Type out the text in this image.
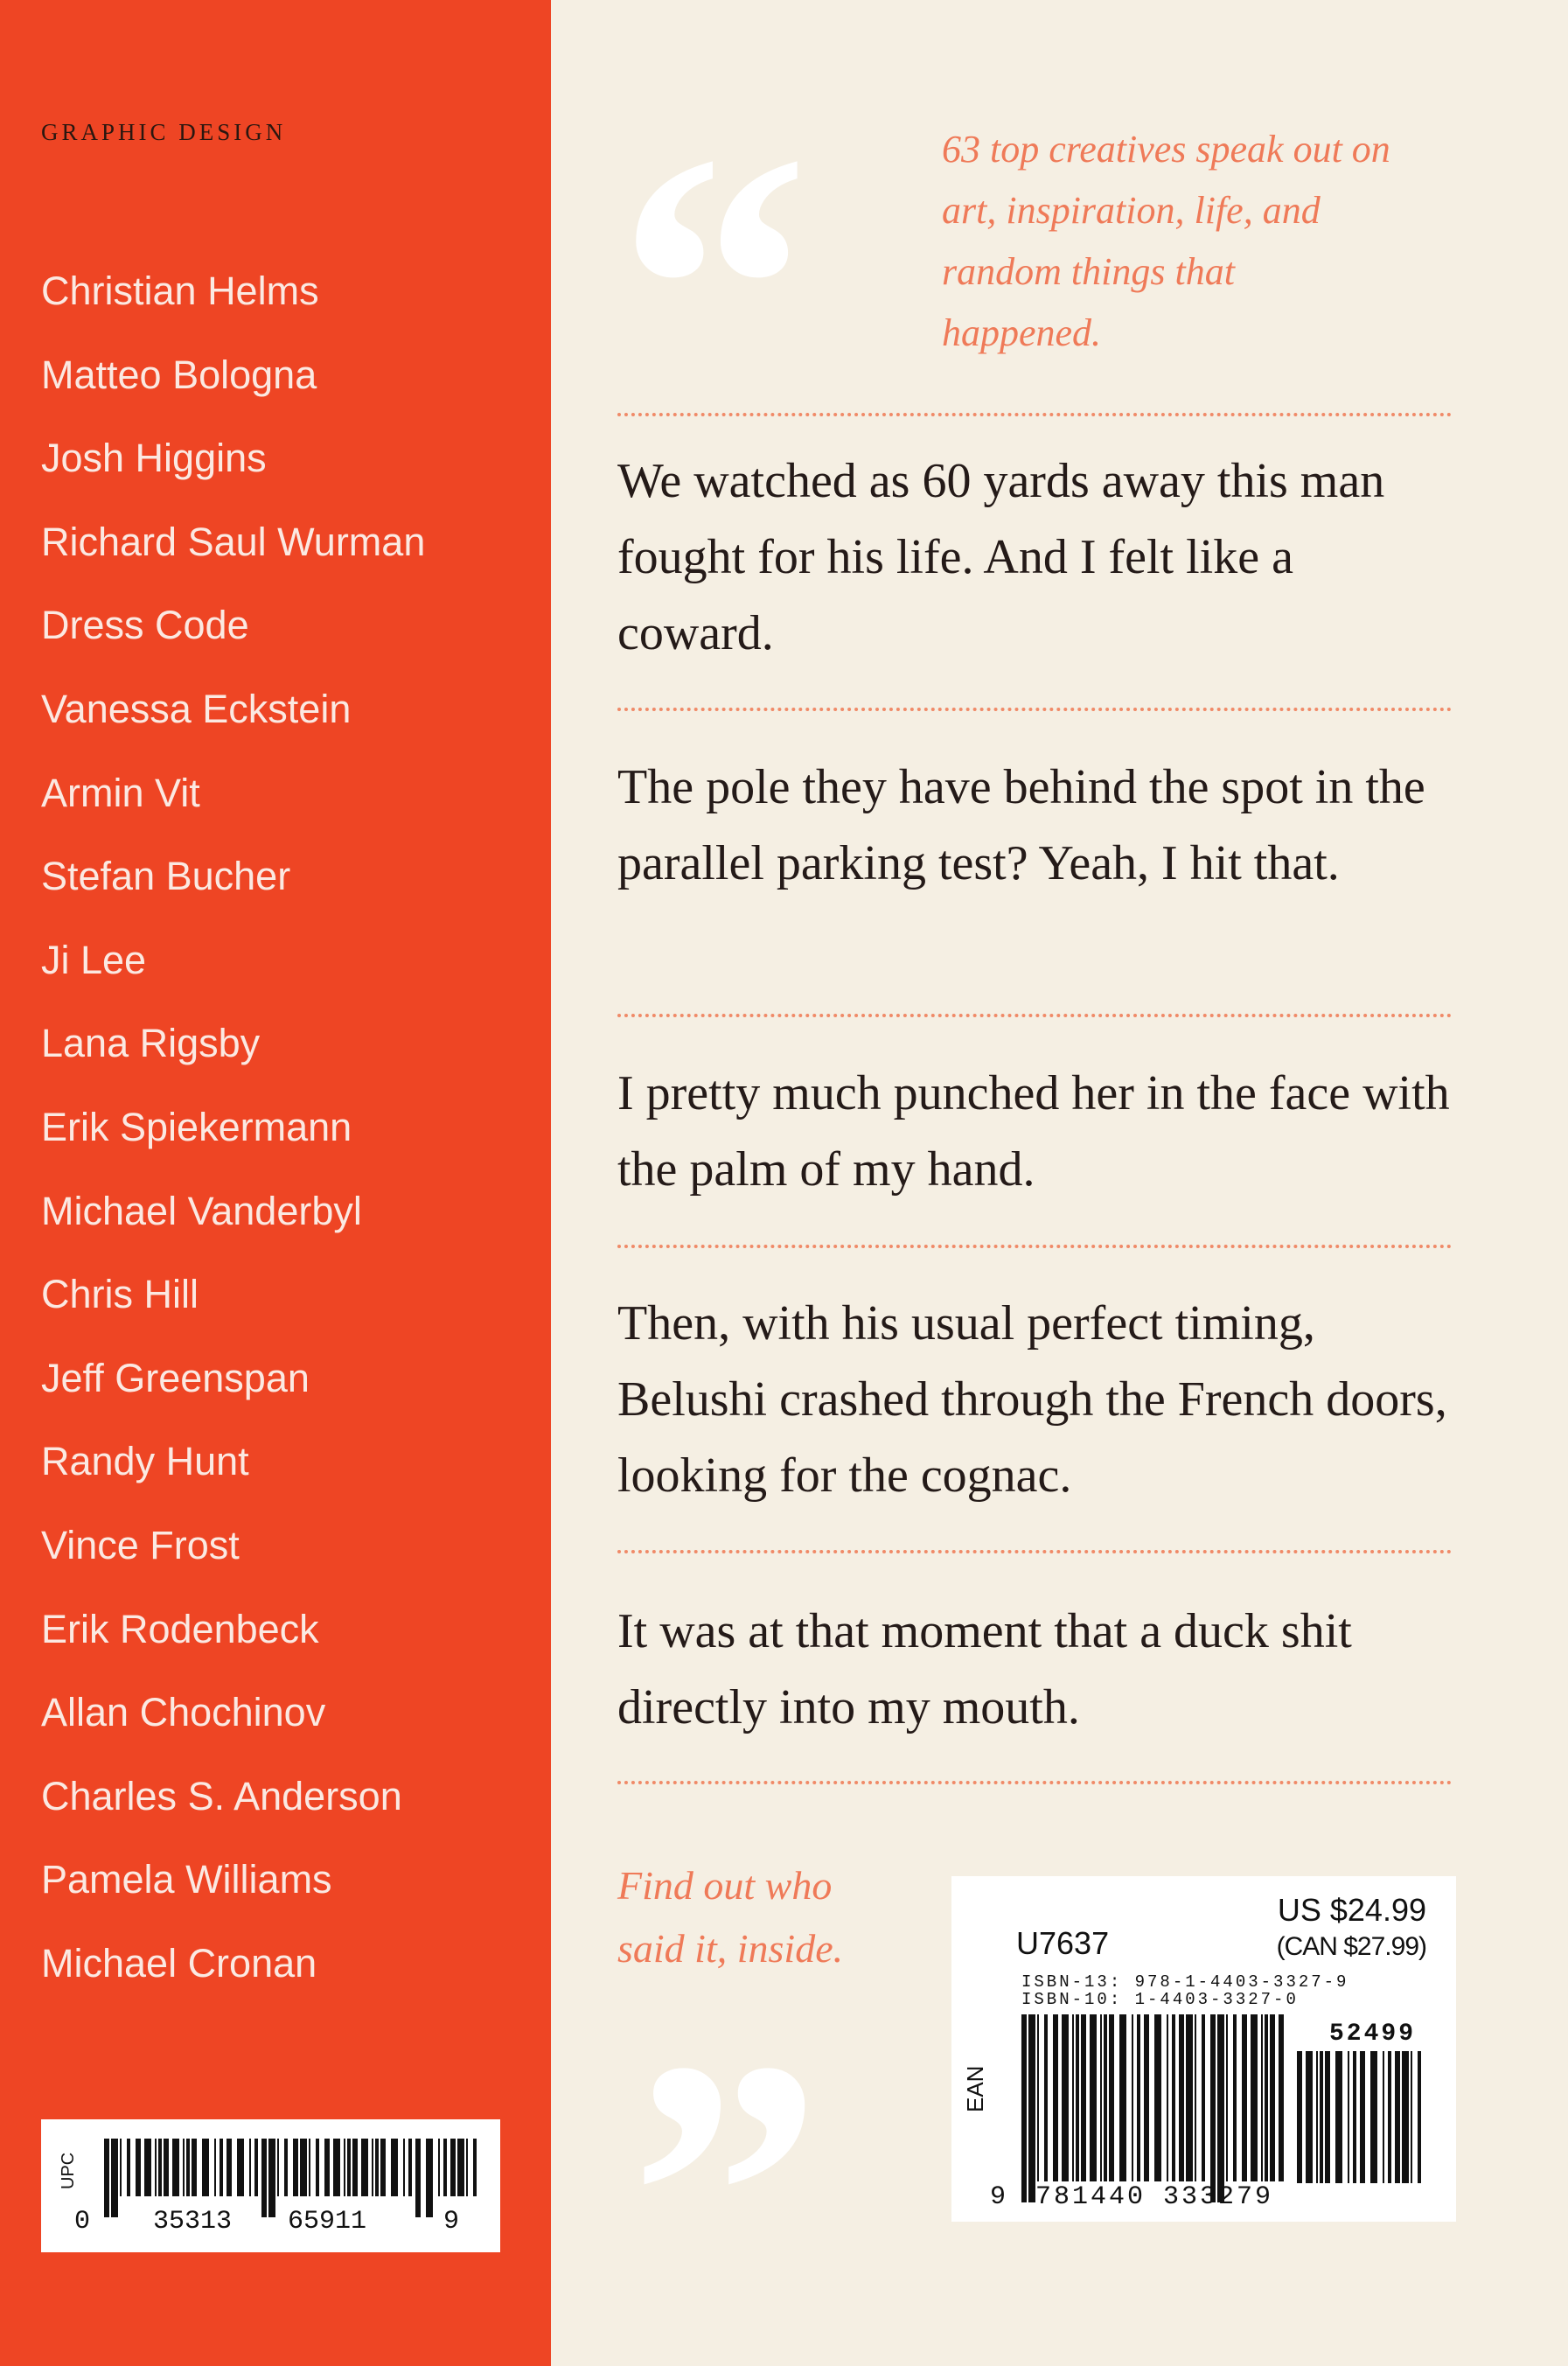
GRAPHIC DESIGN
Christian Helms
Matteo Bologna
Josh Higgins
Richard Saul Wurman
Dress Code
Vanessa Eckstein
Armin Vit
Stefan Bucher
Ji Lee
Lana Rigsby
Erik Spiekermann
Michael Vanderbyl
Chris Hill
Jeff Greenspan
Randy Hunt
Vince Frost
Erik Rodenbeck
Allan Chochinov
Charles S. Anderson
Pamela Williams
Michael Cronan
UPC
0 35313 65911	9
“	63 top creatives speak out on art, inspiration, life, and random things that happened.
We watched as 60 yards away this man fought for his life. And I felt like a coward.
The pole they have behind the spot in the parallel parking test? Yeah, I hit that.
I pretty much punched her in the face with the palm of my hand.
Then, with his usual perfect timing, Belushi crashed through the French doors, looking for the cognac.
It was at that moment that a duck shit directly into my mouth.
Find out who said it, inside.
”
U7637
US $24.99
(CAN $27.99)
ISBN-13: 978-1-4403-3327-9
ISBN-10: 1-4403-3327-0
52499
EAN
9 781440 333279
